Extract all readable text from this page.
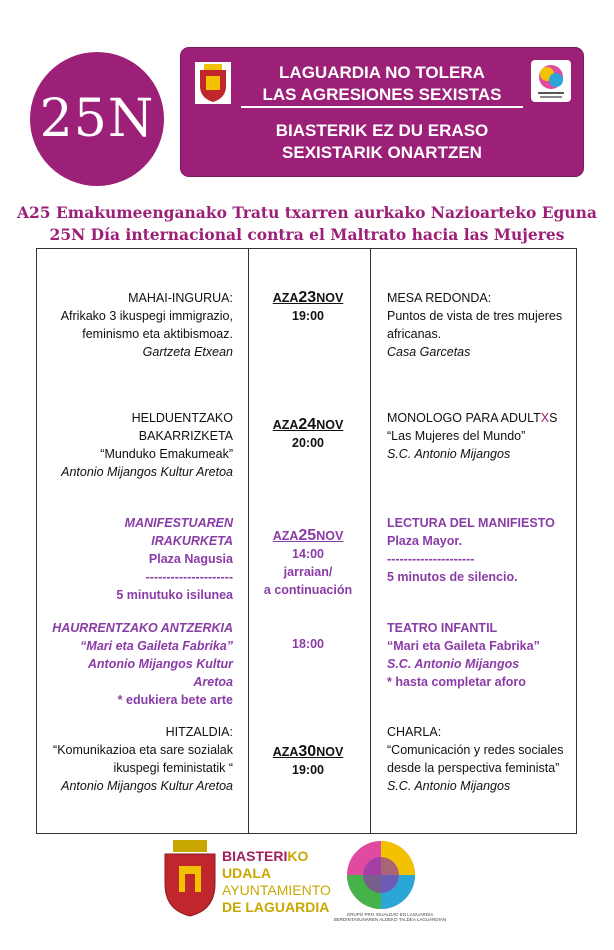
25N
LAGUARDIA NO TOLERA
LAS AGRESIONES SEXISTAS
BIASTERIK EZ DU ERASO
SEXISTARIK ONARTZEN
A25 Emakumeenganako Tratu txarren aurkako Nazioarteko Eguna
25N Día internacional contra el Maltrato hacia las Mujeres
MAHAI-INGURUA:
Afrikako 3 ikuspegi immigrazio,
feminismo eta aktibismoaz.
Gartzeta Etxean
AZA23NOV
19:00
MESA REDONDA:
Puntos de vista de tres mujeres
africanas.
Casa Garcetas
HELDUENTZAKO BAKARRIZKETA
“Munduko Emakumeak”
Antonio Mijangos Kultur Aretoa
AZA24NOV
20:00
MONOLOGO PARA ADULTXS
“Las Mujeres del Mundo”
S.C. Antonio Mijangos
MANIFESTUAREN IRAKURKETA
Plaza Nagusia
---------------------
5 minutuko isilunea
AZA25NOV
14:00
jarraian/
a continuación
LECTURA DEL MANIFIESTO
Plaza Mayor.
---------------------
5 minutos de silencio.
HAURRENTZAKO ANTZERKIA
“Mari eta Gaileta Fabrika”
Antonio Mijangos Kultur
Aretoa
* edukiera bete arte
18:00
TEATRO INFANTIL
“Mari eta Gaileta Fabrika”
S.C. Antonio Mijangos
* hasta completar aforo
HITZALDIA:
“Komunikazioa eta sare sozialak
ikuspegi feministatik “
Antonio Mijangos Kultur Aretoa
AZA30NOV
19:00
CHARLA:
“Comunicación y redes sociales
desde la perspectiva feminista”
S.C. Antonio Mijangos
BIASTERIKO
UDALA
AYUNTAMIENTO
DE LAGUARDIA	GRUPO PRO IGUALDAD EN LAGUARDIA
BERDINTASUNAREN ALDEKO TALDEA LAGUARDIAN
